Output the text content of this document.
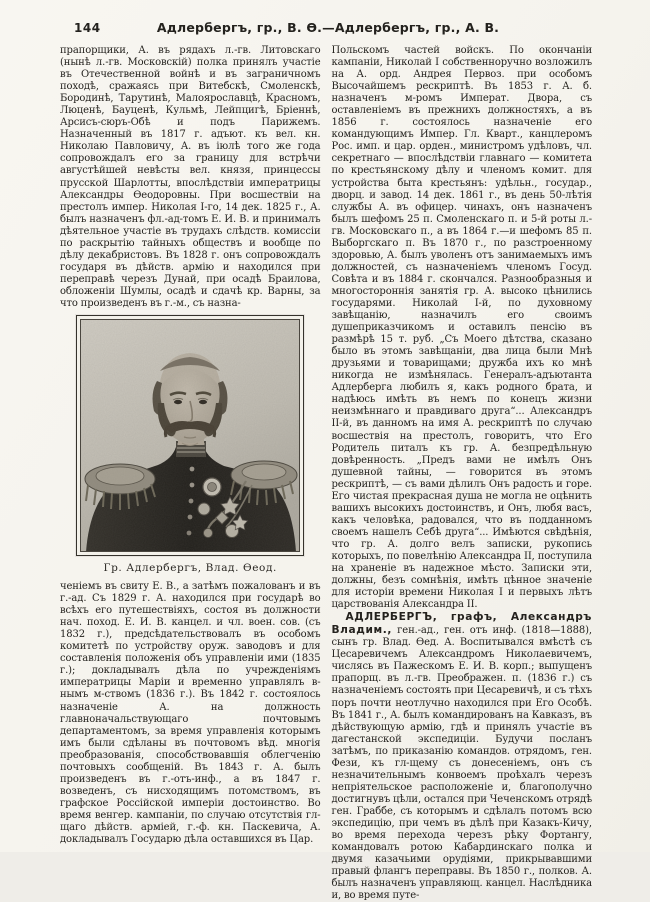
144	Адлербергъ, гр., В. Ѳ.—Адлербергъ, гр., А. В.

прапорщики, А. въ рядахъ л.-гв. Литовскаго (нынѣ л.-гв. Московскій) полка принялъ участіе въ Отечественной войнѣ и въ заграничномъ походѣ, сражаясь при Витебскѣ, Смоленскѣ, Бородинѣ, Тарутинѣ, Малоярославцѣ, Красномъ, Люценѣ, Бауценѣ, Кульмѣ, Лейпцигѣ, Бріеннѣ, Арсисъ-сюръ-Обѣ и подъ Парижемъ. Назначенный въ 1817 г. адъют. къ вел. кн. Николаю Павловичу, А. въ іюлѣ того же года сопровождалъ его за границу для встрѣчи августѣйшей невѣсты вел. князя, принцессы прусской Шарлотты, впослѣдствіи императрицы Александры Ѳеодоровны. При восшествіи на престолъ импер. Николая I-го, 14 дек. 1825 г., А. былъ назначенъ фл.-ад-томъ Е. И. В. и принималъ дѣятельное участіе въ трудахъ слѣдств. комиссіи по раскрытію тайныхъ обществъ и вообще по дѣлу декабристовъ. Въ 1828 г. онъ сопровождалъ государя въ дѣйств. армію и находился при переправѣ черезъ Дунай, при осадѣ Браилова, обложеніи Шумлы, осадѣ и сдачѣ кр. Варны, за что произведенъ въ г.-м., съ назна-

Гр. Адлербергъ, Влад. Ѳеод.

ченіемъ въ свиту Е. В., а затѣмъ пожалованъ и въ г.-ад. Съ 1829 г. А. находился при государѣ во всѣхъ его путешествіяхъ, состоя въ должности нач. поход. Е. И. В. канцел. и чл. воен. сов. (съ 1832 г.), предсѣдательствовалъ въ особомъ комитетѣ по устройству оруж. заводовъ и для составленія положенія объ управленіи ими (1835 г.); докладывалъ дѣла по учрежденіямъ императрицы Маріи и временно управлялъ в-нымъ м-ствомъ (1836 г.). Въ 1842 г. состоялось назначеніе А. на должность главноначальствующаго почтовымъ департаментомъ, за время управленія которымъ имъ были сдѣланы въ почтовомъ вѣд. многія преобразованія, способствовавшія облегченію почтовыхъ сообщеній. Въ 1843 г. А. былъ произведенъ въ г.-отъ-инф., а въ 1847 г. возведенъ, съ нисходящимъ потомствомъ, въ графское Россійской имперіи достоинство. Во время венгер. кампаніи, по случаю отсутствія гл-щаго дѣйств. арміей, г.-ф. кн. Паскевича, А. докладывалъ Государю дѣла оставшихся въ Цар.

Польскомъ частей войскъ. По окончаніи кампаніи, Николай I собственноручно возложилъ на А. орд. Андрея Первоз. при особомъ Высочайшемъ рескриптѣ. Въ 1853 г. А. б. назначенъ м-ромъ Императ. Двора, съ оставленіемъ въ прежнихъ должностяхъ, а въ 1856 г. состоялось назначеніе его командующимъ Импер. Гл. Кварт., канцлеромъ Рос. имп. и цар. орден., министромъ удѣловъ, чл. секретнаго — впослѣдствіи главнаго — комитета по крестьянскому дѣлу и членомъ комит. для устройства быта крестьянъ: удѣльн., государ., дворц. и завод. 14 дек. 1861 г., въ день 50-лѣтія службы А. въ офицер. чинахъ, онъ назначенъ былъ шефомъ 25 п. Смоленскаго п. и 5-й роты л.-гв. Московскаго п., а въ 1864 г.—и шефомъ 85 п. Выборгскаго п. Въ 1870 г., по разстроенному здоровью, А. былъ уволенъ отъ занимаемыхъ имъ должностей, съ назначеніемъ членомъ Госуд. Совѣта и въ 1884 г. скончался. Разнообразныя и многостороннія занятія гр. А. высоко цѣнились государями. Николай I-й, по духовному завѣщанію, назначилъ его своимъ душеприказчикомъ и оставилъ пенсію въ размѣрѣ 15 т. руб. „Съ Моего дѣтства, сказано было въ этомъ завѣщаніи, два лица были Мнѣ друзьями и товарищами; дружба ихъ ко мнѣ никогда не измѣнялась. Генералъ-адъютанта Адлерберга любилъ я, какъ родного брата, и надѣюсь имѣть въ немъ по конецъ жизни неизмѣннаго и правдиваго друга“... Александръ II-й, въ данномъ на имя А. рескриптѣ по случаю восшествія на престолъ, говоритъ, что Его Родитель питалъ къ гр. А. безпредѣльную довѣренность. „Предъ вами не имѣлъ Онъ душевной тайны, — говорится въ этомъ рескриптѣ, — съ вами дѣлилъ Онъ радость и горе. Его чистая прекрасная душа не могла не оцѣнить вашихъ высокихъ достоинствъ, и Онъ, любя васъ, какъ человѣка, радовался, что въ подданномъ своемъ нашелъ Себѣ друга“... Имѣются свѣдѣнія, что гр. А. долго велъ записки, рукопись которыхъ, по повелѣнію Александра II, поступила на храненіе въ надежное мѣсто. Записки эти, должны, безъ сомнѣнія, имѣть цѣнное значеніе для исторіи времени Николая I и первыхъ лѣтъ царствованія Александра II.

АДЛЕРБЕРГЪ, графъ, Александръ Владим., ген.-ад., ген. отъ инф. (1818—1888), сынъ гр. Влад. Ѳед. А. Воспитывался вмѣстѣ съ Цесаревичемъ Александромъ Николаевичемъ, числясь въ Пажескомъ Е. И. В. корп.; выпущенъ прапорщ. въ л.-гв. Преображен. п. (1836 г.) съ назначеніемъ состоять при Цесаревичѣ, и съ тѣхъ поръ почти неотлучно находился при Его Особѣ. Въ 1841 г., А. былъ командированъ на Кавказъ, въ дѣйствующую армію, гдѣ и принялъ участіе въ дагестанской экспедиціи. Будучи посланъ затѣмъ, по приказанію командов. отрядомъ, ген. Фези, къ гл-щему съ донесеніемъ, онъ съ незначительнымъ конвоемъ проѣхалъ черезъ непріятельское расположеніе и, благополучно достигнувъ цѣли, остался при Чеченскомъ отрядѣ ген. Граббе, съ которымъ и сдѣлалъ потомъ всю экспедицію, при чемъ въ дѣлѣ при Казакъ-Кичу, во время перехода черезъ рѣку Фортангу, командовалъ ротою Кабардинскаго полка и двумя казачьими орудіями, прикрывавшими правый флангъ переправы. Въ 1850 г., полков. А. былъ назначенъ управляющ. канцел. Наслѣдника и, во время путе-
